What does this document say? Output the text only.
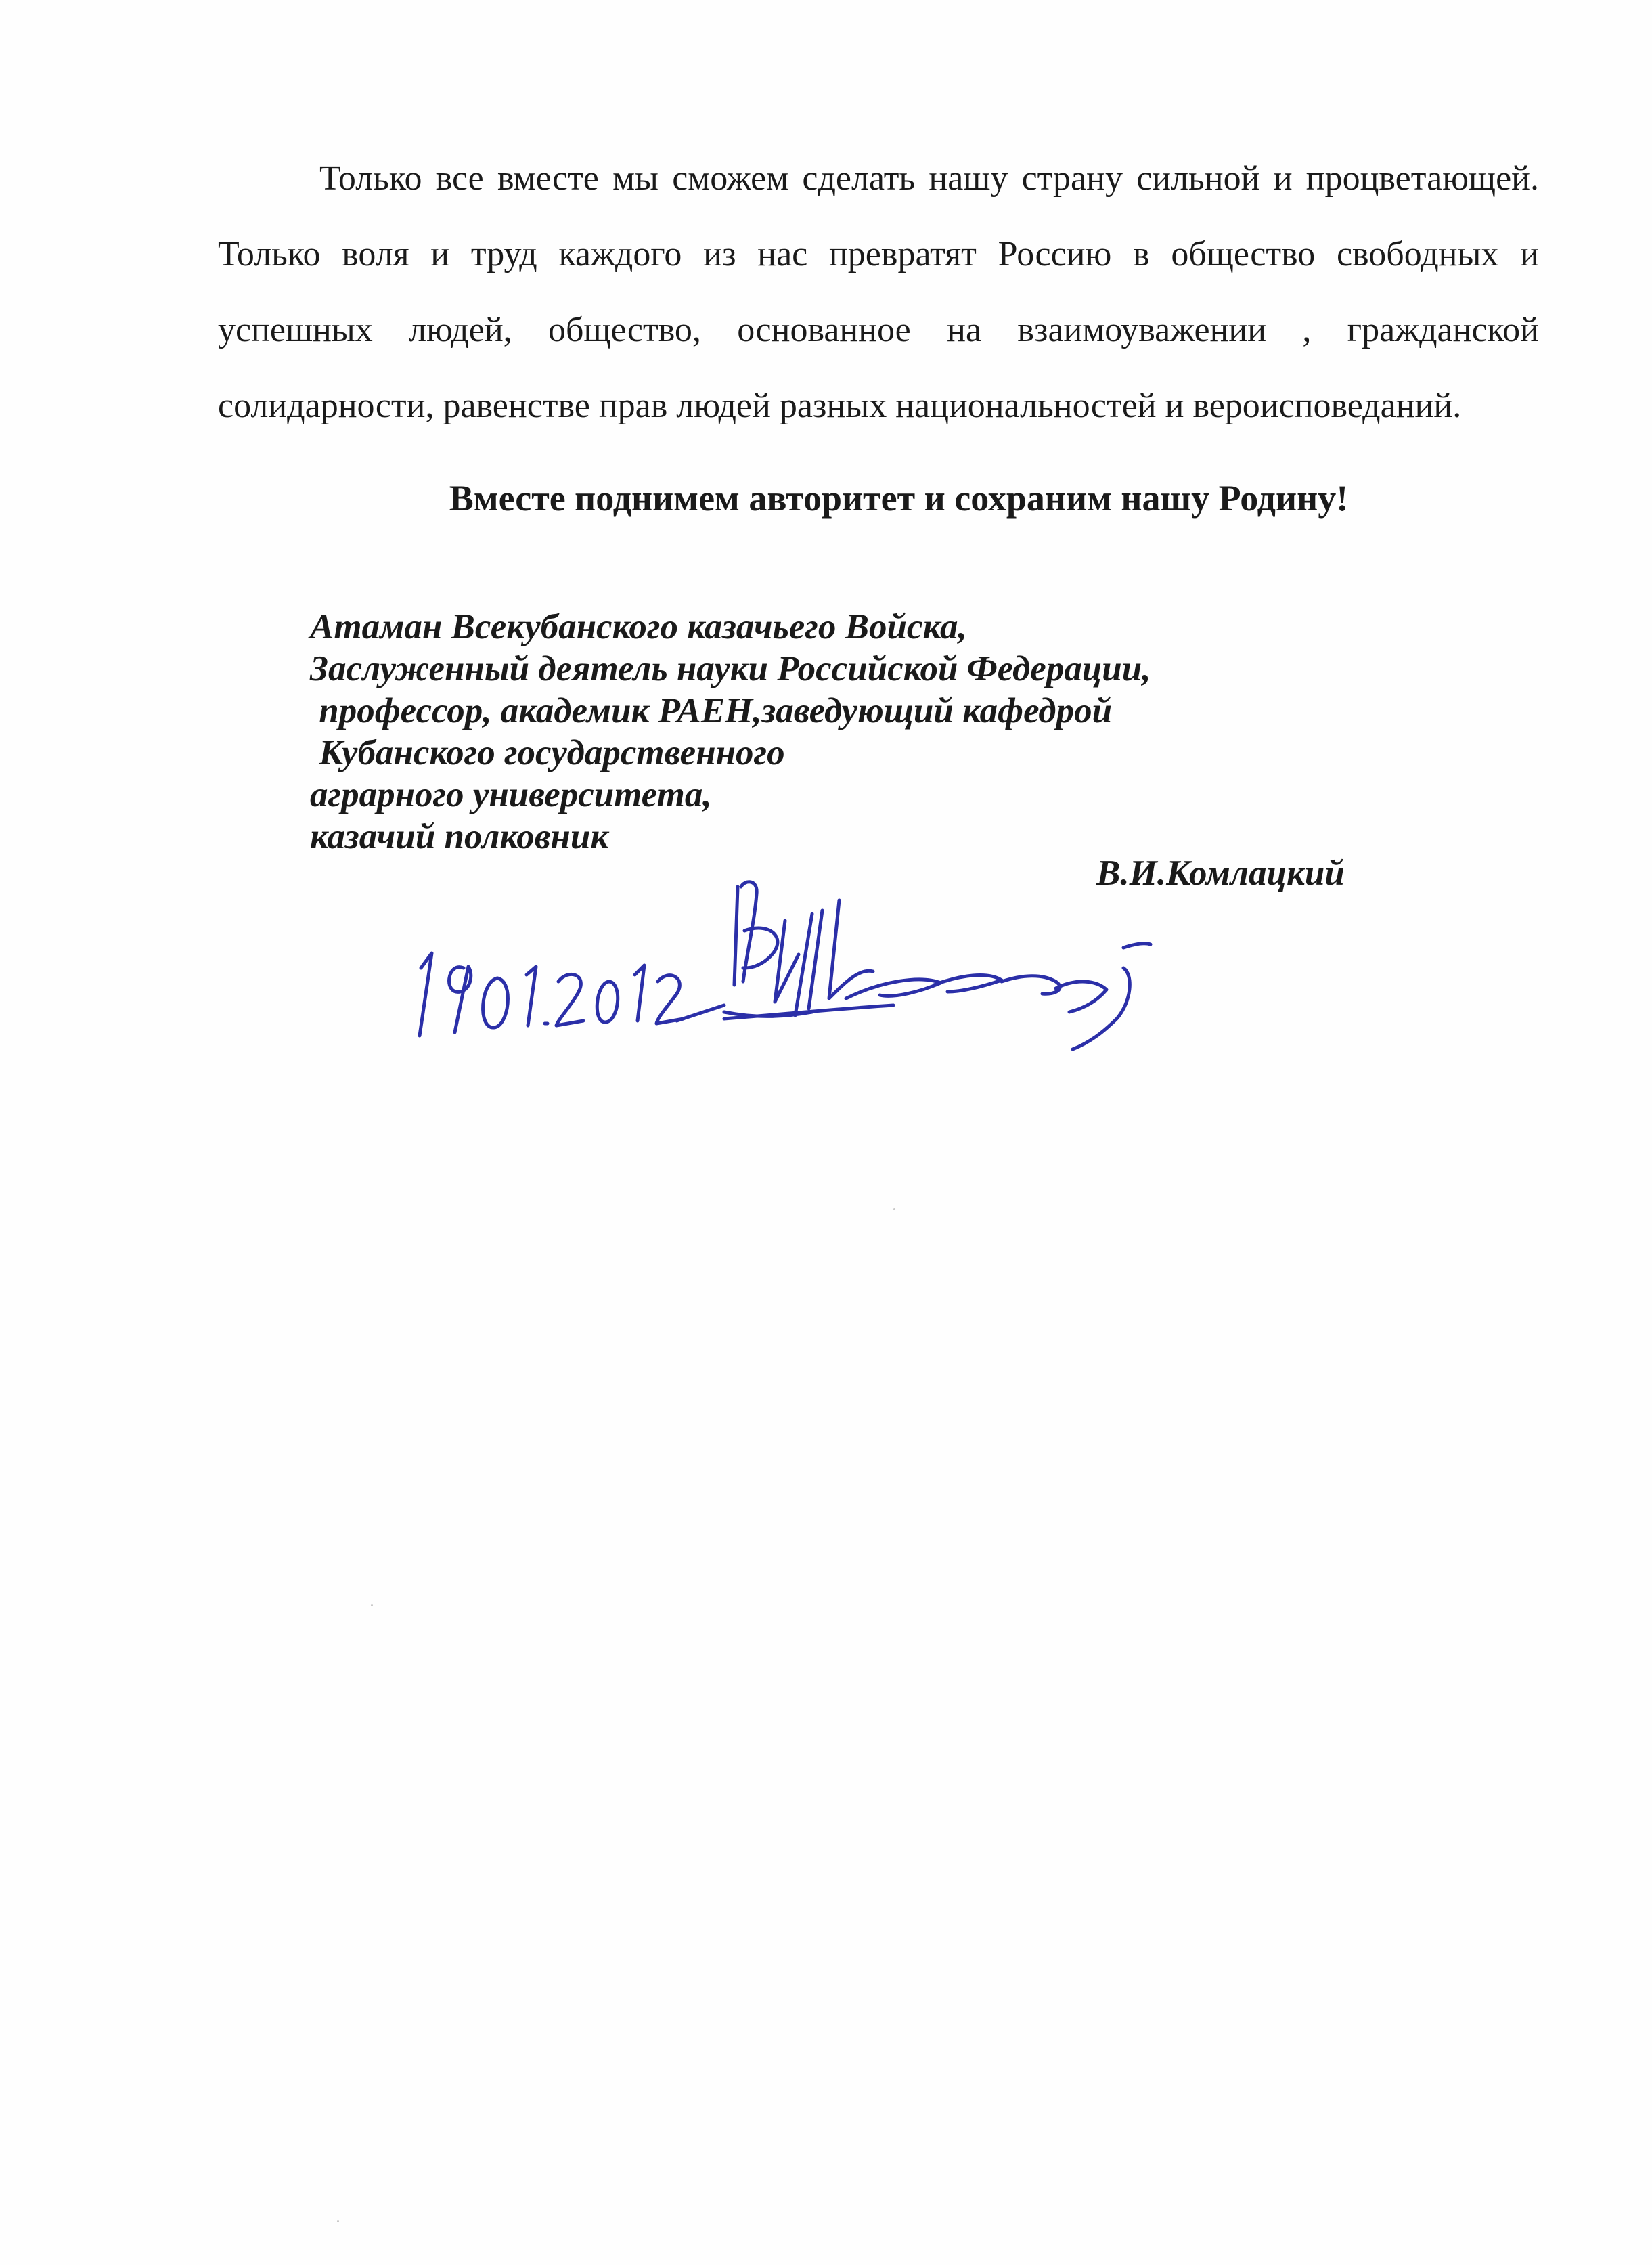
Только все вместе мы сможем сделать нашу страну сильной и процветающей. Только воля и труд каждого из нас превратят Россию в общество свободных и успешных людей, общество, основанное на взаимоуважении , гражданской солидарности, равенстве прав людей разных национальностей и вероисповеданий.

Вместе поднимем авторитет и сохраним нашу Родину!

Атаман Всекубанского казачьего Войска,
Заслуженный деятель науки Российской Федерации,
профессор, академик РАЕН,заведующий кафедрой
Кубанского государственного
аграрного университета,
казачий полковник
В.И.Комлацкий
